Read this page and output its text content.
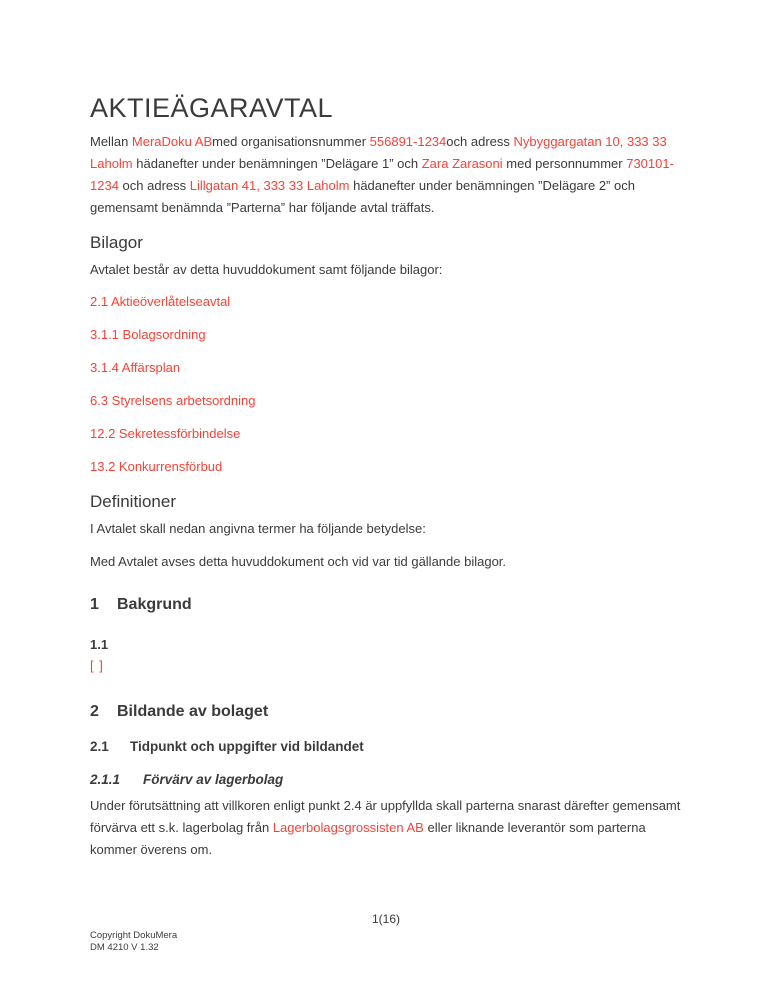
AKTIEÄGARAVTAL

Mellan MeraDoku ABmed organisationsnummer 556891-1234och adress Nybyggargatan 10, 333 33 Laholm hädanefter under benämningen ”Delägare 1” och Zara Zarasoni med personnummer 730101-1234 och adress Lillgatan 41, 333 33 Laholm hädanefter under benämningen ”Delägare 2” och gemensamt benämnda ”Parterna” har följande avtal träffats.

Bilagor

Avtalet består av detta huvuddokument samt följande bilagor:

2.1 Aktieöverlåtelseavtal

3.1.1 Bolagsordning

3.1.4 Affärsplan

6.3 Styrelsens arbetsordning

12.2 Sekretessförbindelse

13.2 Konkurrensförbud

Definitioner

I Avtalet skall nedan angivna termer ha följande betydelse:

Med Avtalet avses detta huvuddokument och vid var tid gällande bilagor.

1 Bakgrund

1.1

[ ]

2 Bildande av bolaget
2.1 Tidpunkt och uppgifter vid bildandet
2.1.1 Förvärv av lagerbolag

Under förutsättning att villkoren enligt punkt 2.4 är uppfyllda skall parterna snarast därefter gemensamt förvärva ett s.k. lagerbolag från Lagerbolagsgrossisten AB eller liknande leverantör som parterna kommer överens om.

1(16)
Copyright DokuMera
DM 4210 V 1.32
